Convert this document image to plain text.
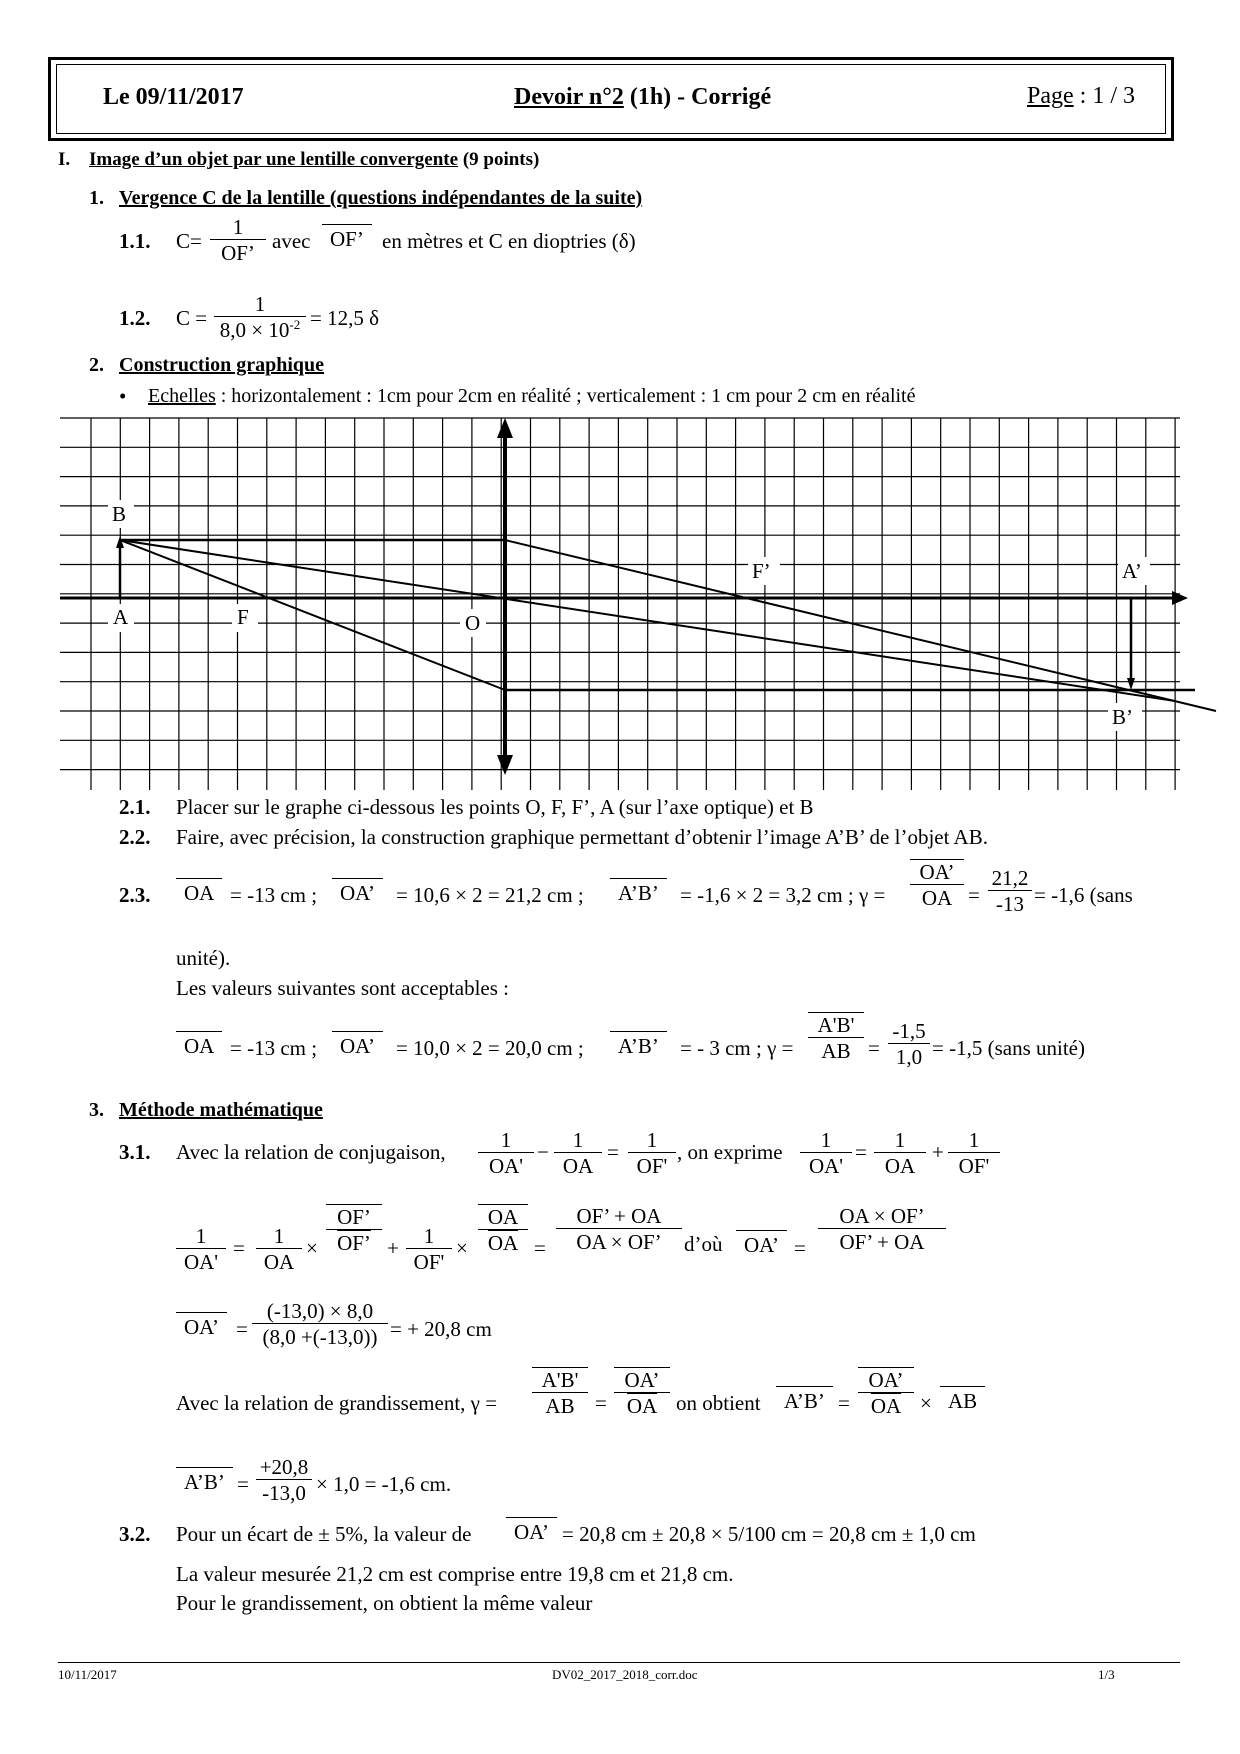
Le 09/11/2017	Devoir n°2 (1h) - Corrigé	Page : 1 / 3
I. Image d’un objet par une lentille convergente (9 points)
1. Vergence C de la lentille (questions indépendantes de la suite)
1.1. $C= \frac{1}{OF’}$ avec OF’ en mètres et C en dioptries (δ)
1.2. $C = \frac{1}{8,0 \times 10^{-2}} = 12,5$ δ
2. Construction graphique
• Echelles : horizontalement : 1cm pour 2cm en réalité ; verticalement : 1 cm pour 2 cm en réalité
B
A	F	O
F’	A’
B’
2.1. Placer sur le graphe ci-dessous les points O, F, F’, A (sur l’axe optique) et B
2.2. Faire, avec précision, la construction graphique permettant d’obtenir l’image A’B’ de l’objet AB.
2.3.	OA = -13 cm ;	OA’	= 10,6 × 2 = 21,2 cm ;	A’B’	= -1,6 × 2 = 3,2 cm ; $\gamma = \frac{OA’}{OA} = \frac{21,2}{-13} = -1,6$ (sans
unité).
Les valeurs suivantes sont acceptables :
OA = -13 cm ;	OA’	= 10,0 × 2 = 20,0 cm ;	A’B’	= - 3 cm ; $\gamma = \frac{A'B'}{AB} = \frac{-1,5}{1,0} = -1,5$ (sans unité)
3. Méthode mathématique
3.1. Avec la relation de conjugaison, $\frac{1}{OA'} - \frac{1}{OA} = \frac{1}{OF'}$ , on exprime $\frac{1}{OA'} = \frac{1}{OA} + \frac{1}{OF'}$
$\frac{1}{OA'} = \frac{1}{OA} \times \frac{OF’}{OF’} + \frac{1}{OF'} \times \frac{OA}{OA} = \frac{OF’ + OA}{OA \times OF’}$ d’où	OA’ = $\frac{OA \times OF’}{OF’ + OA}$
OA’ = $\frac{(-13,0) \times 8,0}{(8,0 +(-13,0))}$ = + 20,8 cm
Avec la relation de grandissement, $\gamma = \frac{A'B'}{AB} = \frac{OA’}{OA}$ on obtient	A’B’ = $\frac{OA’}{OA}$ × AB
A’B’ = $\frac{+20,8}{-13,0} \times 1,0 = -1,6$ cm.
3.2. Pour un écart de ± 5%, la valeur de	OA’ = 20,8 cm ± 20,8 × 5/100 cm = 20,8 cm ± 1,0 cm
La valeur mesurée 21,2 cm est comprise entre 19,8 cm et 21,8 cm.
Pour le grandissement, on obtient la même valeur
10/11/2017	DV02_2017_2018_corr.doc	1/3
